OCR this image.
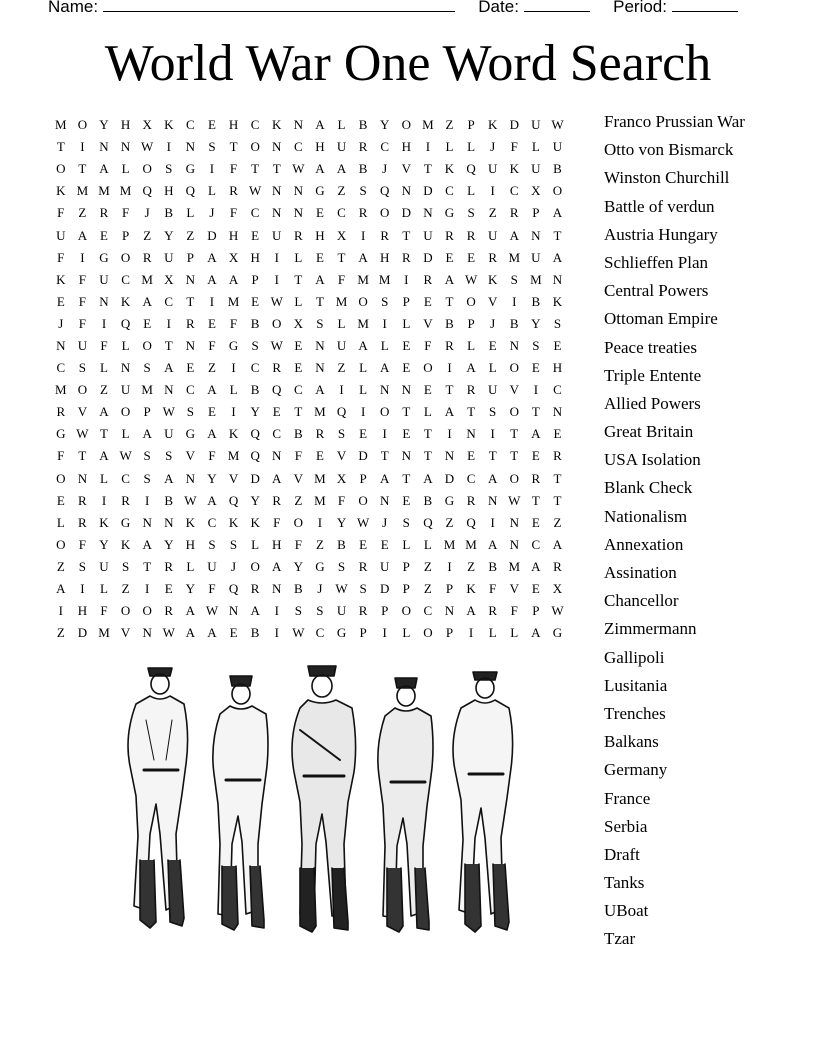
Name:	Date:	Period:
World War One Word Search
M O Y H X K C	E H C K N A L	B Y O M Z	P	K D U W
T	I	N N W	I	N	S	T O N C H U R C H	I	L	L	J	F	L U
O T A L O	S	G	I	F	T	T W A A B	J	V T K Q U K U B
K M M M Q H Q L	R W N N G Z	S	Q N D C	L	I	C X O
F	Z	R	F	J	B	L	J	F	C N N E	C R O D N G	S	Z	R	P	A
U A E	P	Z Y Z D H E U R H X	I	R	T U R R U A N T
F	I	G O R U	P	A X H	I	L	E	T A H R D E	E	R M U A
K	F	U C M X N A A	P	I	T A	F M M	I	R A W K	S M N
E	F	N K A C	T	I	M E W L	T M O	S	P	E	T O V	I	B K
J	F	I	Q E	I	R	E	F	B O X	S	L M	I	L V B	P	J	B Y	S
N U	F	L O T N	F	G	S W E N U A L	E	F	R	L	E N	S	E
C	S	L N	S	A E	Z	I	C R	E N Z	L A E O	I	A L O E H
M O Z U M N C A L	B Q C A	I	L N N E	T	R U V	I	C
R V A O	P W S	E	I	Y E	T M Q	I	O T	L A T	S	O T N
G W T	L A U G A K Q C B R	S	E	I	E	T	I	N	I	T A E
F	T A W S	S	V	F M Q N	F	E V D T N T N E	T	T	E	R
O N L	C	S	A N Y V D A V M X	P	A T A D C A O R	T
E	R	I	R	I	B W A Q Y R	Z M F	O N E	B G R N W T	T
L	R K G N N K C K K	F	O	I	Y W J	S	Q Z Q	I	N E	Z
O	F	Y K A Y H	S	S	L H	F	Z	B	E	E	L	L M M A N C A
Z	S	U	S	T	R	L U	J	O A Y G	S	R U	P	Z	I	Z	B M A R
A	I	L	Z	I	E Y	F	Q R N B	J W S	D	P	Z	P	K	F	V E X
I	H	F	O O R A W N A	I	S	S	U R	P	O C N A R	F	P W
Z D M V N W A A E	B	I	W C G	P	I	L O	P	I	L	L A G
Franco Prussian War
Otto von Bismarck
Winston Churchill
Battle of verdun
Austria Hungary
Schlieffen Plan
Central Powers
Ottoman Empire
Peace treaties
Triple Entente
Allied Powers
Great Britain
USA Isolation
Blank Check
Nationalism
Annexation
Assination
Chancellor
Zimmermann
Gallipoli
Lusitania
Trenches
Balkans
Germany
France
Serbia
Draft
Tanks
UBoat
Tzar
